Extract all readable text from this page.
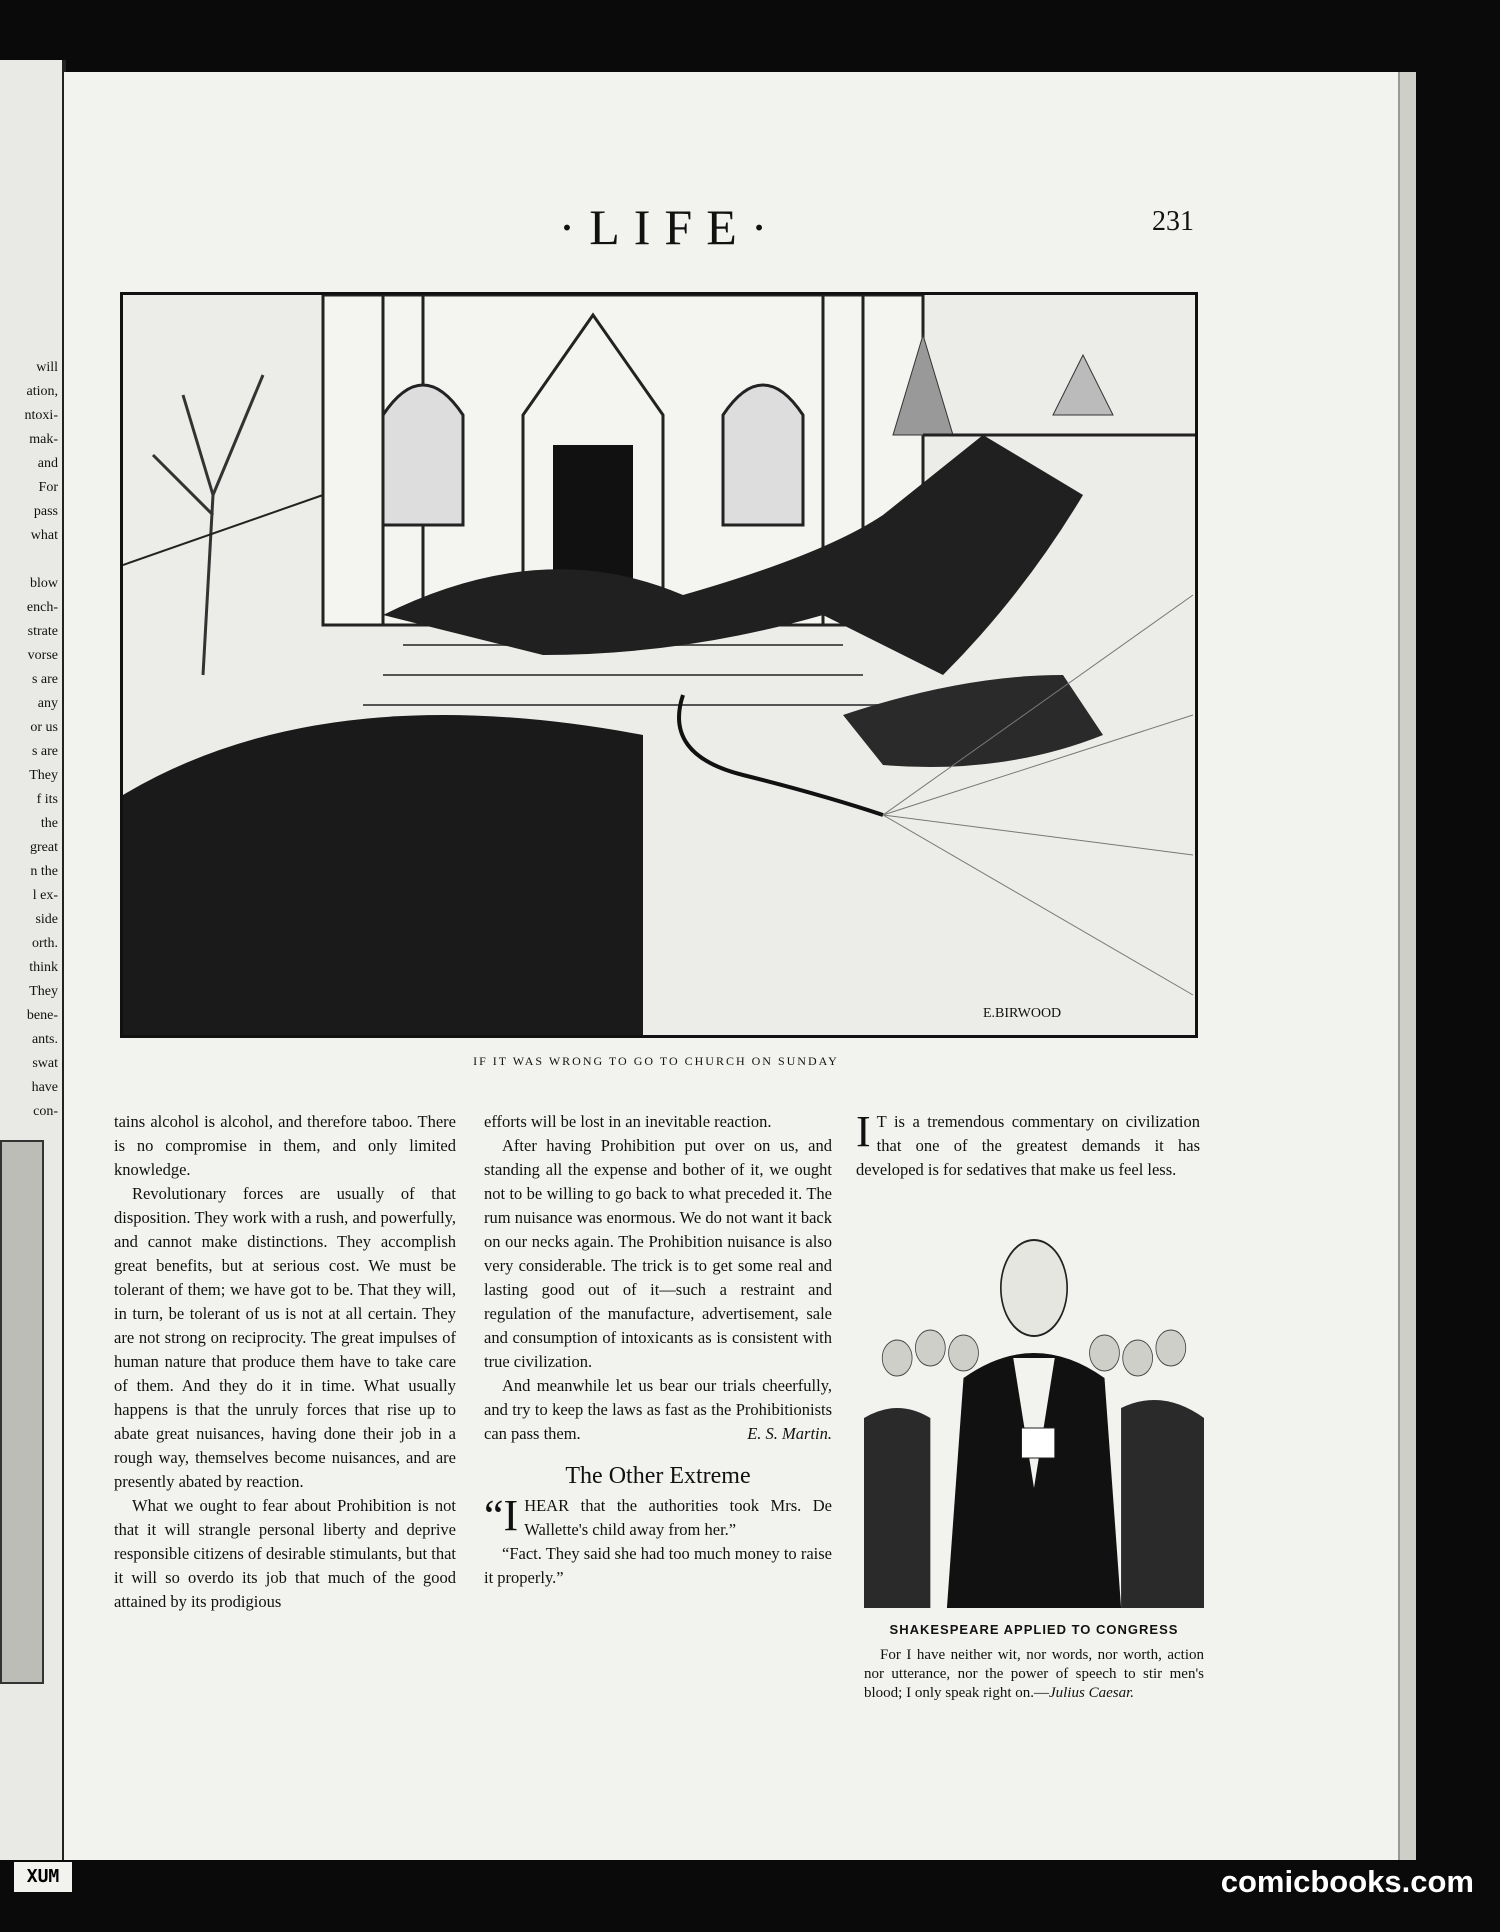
will
ation,
ntoxi-
mak-
and
For
pass
what
blow
ench-
strate
vorse
s are
any
or us
s are
They
f its
the
great
n the
l ex-
side
orth.
think
They
bene-
ants.
swat
have
con-
·LIFE·	231
E.BIRWOOD
IF IT WAS WRONG TO GO TO CHURCH ON SUNDAY

tains alcohol is alcohol, and therefore taboo. There is no compromise in them, and only limited knowledge.

Revolutionary forces are usually of that disposition. They work with a rush, and powerfully, and cannot make distinctions. They accomplish great benefits, but at serious cost. We must be tolerant of them; we have got to be. That they will, in turn, be tolerant of us is not at all certain. They are not strong on reciprocity. The great impulses of human nature that produce them have to take care of them. And they do it in time. What usually happens is that the unruly forces that rise up to abate great nuisances, having done their job in a rough way, themselves become nuisances, and are presently abated by reaction.

What we ought to fear about Prohibition is not that it will strangle personal liberty and deprive responsible citizens of desirable stimulants, but that it will so overdo its job that much of the good attained by its prodigious

efforts will be lost in an inevitable reaction.

After having Prohibition put over on us, and standing all the expense and bother of it, we ought not to be willing to go back to what preceded it. The rum nuisance was enormous. We do not want it back on our necks again. The Prohibition nuisance is also very considerable. The trick is to get some real and lasting good out of it—such a restraint and regulation of the manufacture, advertisement, sale and consumption of intoxicants as is consistent with true civilization.

And meanwhile let us bear our trials cheerfully, and try to keep the laws as fast as the Prohibitionists can pass them.	E. S. Martin.

The Other Extreme

“IHEAR that the authorities took Mrs. De Wallette's child away from her.”

“Fact. They said she had too much money to raise it properly.”

I T is a tremendous commentary on civilization that one of the greatest demands it has developed is for sedatives that make us feel less.

SHAKESPEARE APPLIED TO CONGRESS
For I have neither wit, nor words, nor worth, action nor utterance, nor the power of speech to stir men's blood; I only speak right on.—Julius Caesar.
XUM	comicbooks.com
